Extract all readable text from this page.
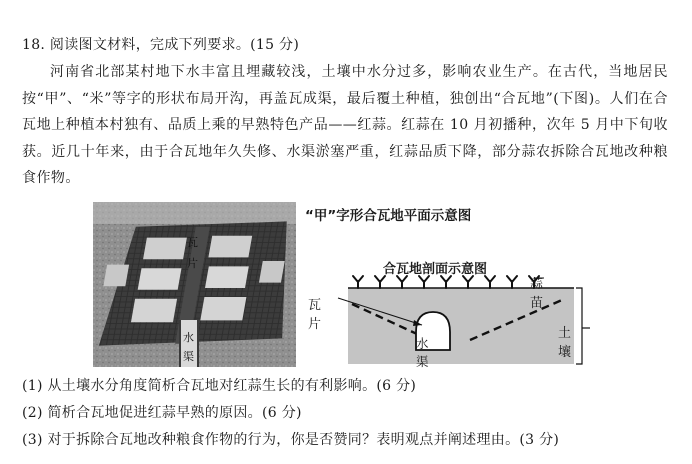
18. 阅读图文材料，完成下列要求。(15 分)

河南省北部某村地下水丰富且埋藏较浅，土壤中水分过多，影响农业生产。在古代，当地居民按“甲”、“米”等字的形状布局开沟，再盖瓦成渠，最后覆土种植，独创出“合瓦地”(下图)。人们在合瓦地上种植本村独有、品质上乘的早熟特色产品——红蒜。红蒜在 10 月初播种，次年 5 月中下旬收获。近几十年来，由于合瓦地年久失修、水渠淤塞严重，红蒜品质下降，部分蒜农拆除合瓦地改种粮食作物。

瓦
片
水
渠
“甲”字形合瓦地平面示意图
合瓦地剖面示意图
瓦片
蒜苗
土壤
水渠

(1) 从土壤水分角度简析合瓦地对红蒜生长的有利影响。(6 分)

(2) 简析合瓦地促进红蒜早熟的原因。(6 分)

(3) 对于拆除合瓦地改种粮食作物的行为，你是否赞同？表明观点并阐述理由。(3 分)
